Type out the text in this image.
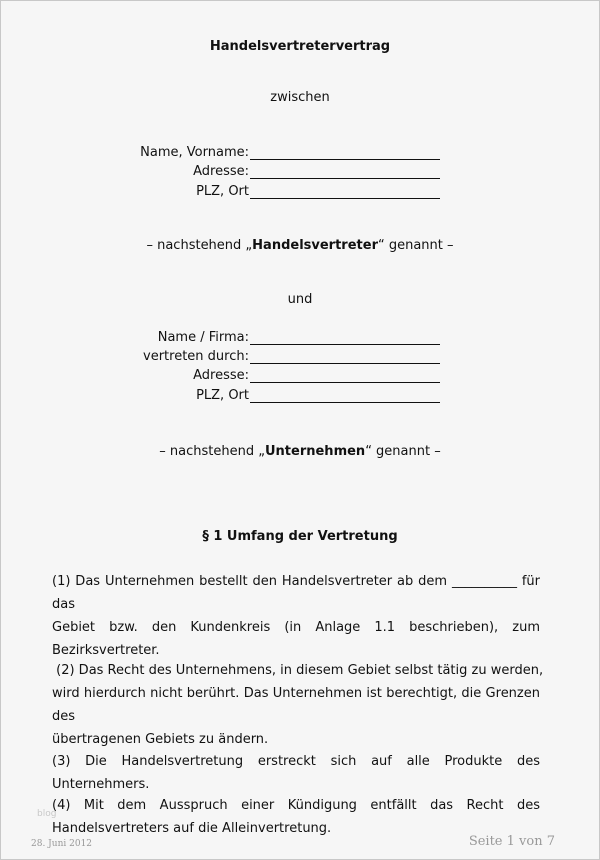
Handelsvertretervertrag
zwischen
Name, Vorname:
Adresse:
PLZ, Ort
– nachstehend „Handelsvertreter“ genannt –
und
Name / Firma:
vertreten durch:
Adresse:
PLZ, Ort
– nachstehend „Unternehmen“ genannt –
§ 1 Umfang der Vertretung
(1) Das Unternehmen bestellt den Handelsvertreter ab dem __________ für das
Gebiet bzw. den Kundenkreis (in Anlage 1.1 beschrieben), zum
Bezirksvertreter.
(2) Das Recht des Unternehmens, in diesem Gebiet selbst tätig zu werden,
wird hierdurch nicht berührt. Das Unternehmen ist berechtigt, die Grenzen des
übertragenen Gebiets zu ändern.
(3) Die Handelsvertretung erstreckt sich auf alle Produkte des Unternehmers.
(4) Mit dem Ausspruch einer Kündigung entfällt das Recht des
Handelsvertreters auf die Alleinvertretung.
blog
28. Juni 2012	Seite 1 von 7
